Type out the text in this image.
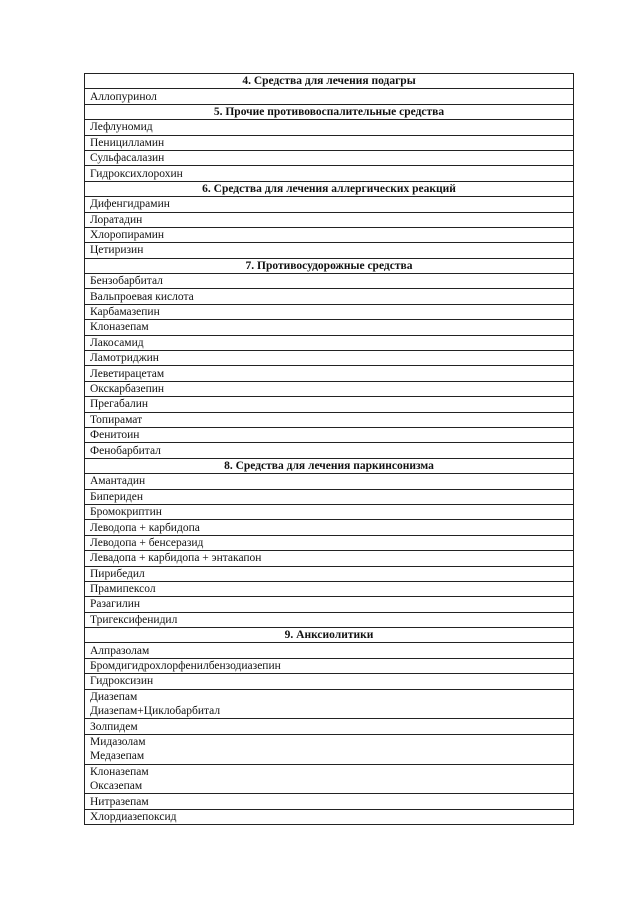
4. Средства для лечения подагры
Аллопуринол
5. Прочие противовоспалительные средства
Лефлуномид
Пеницилламин
Сульфасалазин
Гидроксихлорохин
6. Средства для лечения аллергических реакций
Дифенгидрамин
Лоратадин
Хлоропирамин
Цетиризин
7. Противосудорожные средства
Бензобарбитал
Вальпроевая кислота
Карбамазепин
Клоназепам
Лакосамид
Ламотриджин
Леветирацетам
Окскарбазепин
Прегабалин
Топирамат
Фенитоин
Фенобарбитал
8. Средства для лечения паркинсонизма
Амантадин
Бипериден
Бромокриптин
Леводопа + карбидопа
Леводопа + бенсеразид
Левадопа + карбидопа + энтакапон
Пирибедил
Прамипексол
Разагилин
Тригексифенидил
9. Анксиолитики
Алпразолам
Бромдигидрохлорфенилбензодиазепин
Гидроксизин
Диазепам
Диазепам+Циклобарбитал
Золпидем
Мидазолам
Медазепам
Клоназепам
Оксазепам
Нитразепам
Хлордиазепоксид
